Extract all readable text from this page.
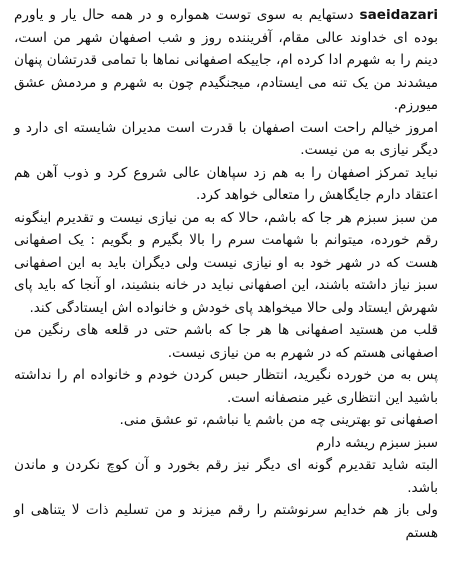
saeidazari دستهایم به سوی توست همواره و در همه حال یار و یاورم بوده ای خداوند عالی مقام، آفریننده روز و شب اصفهان شهر من است، دینم را به شهرم ادا کرده ام، جاییکه اصفهانی نماها با تمامی قدرتشان پنهان میشدند من یک تنه می ایستادم، میجنگیدم چون به شهرم و مردمش عشق میورزم.

امروز خیالم راحت است اصفهان با قدرت است مدیران شایسته ای دارد و دیگر نیازی به من نیست.

نباید تمرکز اصفهان را به هم زد سپاهان عالی شروع کرد و ذوب آهن هم اعتقاد دارم جایگاهش را متعالی خواهد کرد.

من سبز سبزم هر جا که باشم، حالا که به من نیازی نیست و تقدیرم اینگونه رقم خورده، میتوانم با شهامت سرم را بالا بگیرم و بگویم : یک اصفهانی هست که در شهر خود به او نیازی نیست ولی دیگران باید به این اصفهانی سبز نیاز داشته باشند، این اصفهانی نباید در خانه بنشیند، او آنجا که باید پای شهرش ایستاد ولی حالا میخواهد پای خودش و خانواده اش ایستادگی کند.

قلب من هستید اصفهانی ها هر جا که باشم حتی در قلعه های رنگین من اصفهانی هستم که در شهرم به من نیازی نیست.

پس به من خورده نگیرید، انتظار حبس کردن خودم و خانواده ام را نداشته باشید این انتظاری غیر منصفانه است.

اصفهانی تو بهترینی چه من باشم یا نباشم، تو عشق منی.

سبز سبزم ریشه دارم

البته شاید تقدیرم گونه ای دیگر نیز رقم بخورد و آن کوچ نکردن و ماندن باشد.

ولی باز هم خدایم سرنوشتم را رقم میزند و من تسلیم ذات لا یتناهی او هستم
